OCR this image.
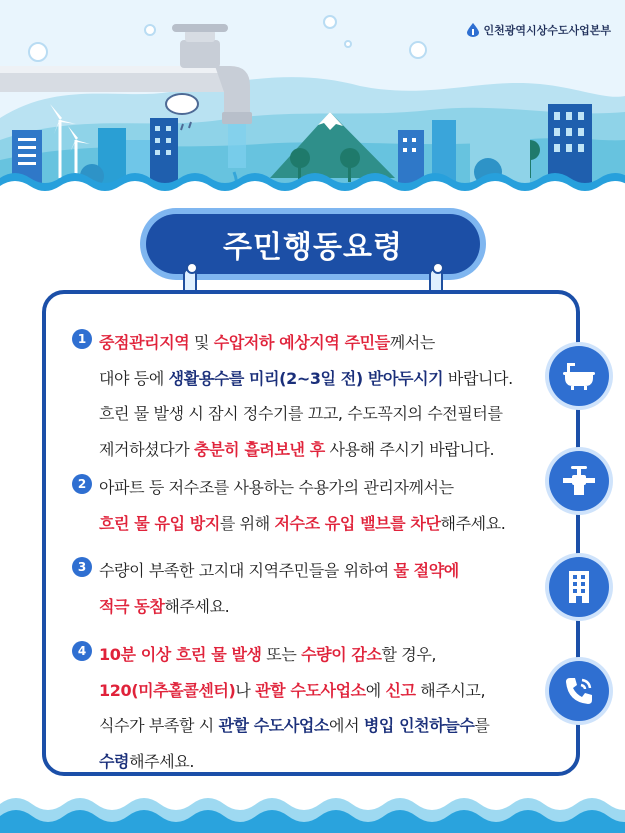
인천광역시상수도사업본부
주민행동요령
1 중점관리지역 및 수압저하 예상지역 주민들께서는
대야 등에 생활용수를 미리(2~3일 전) 받아두시기 바랍니다.
흐린 물 발생 시 잠시 정수기를 끄고, 수도꼭지의 수전필터를
제거하셨다가 충분히 흘려보낸 후 사용해 주시기 바랍니다.
2 아파트 등 저수조를 사용하는 수용가의 관리자께서는
흐린 물 유입 방지를 위해 저수조 유입 밸브를 차단해주세요.
3 수량이 부족한 고지대 지역주민들을 위하여 물 절약에
적극 동참해주세요.
4 10분 이상 흐린 물 발생 또는 수량이 감소할 경우,
120(미추홀콜센터)나 관할 수도사업소에 신고 해주시고,
식수가 부족할 시 관할 수도사업소에서 병입 인천하늘수를
수령해주세요.
